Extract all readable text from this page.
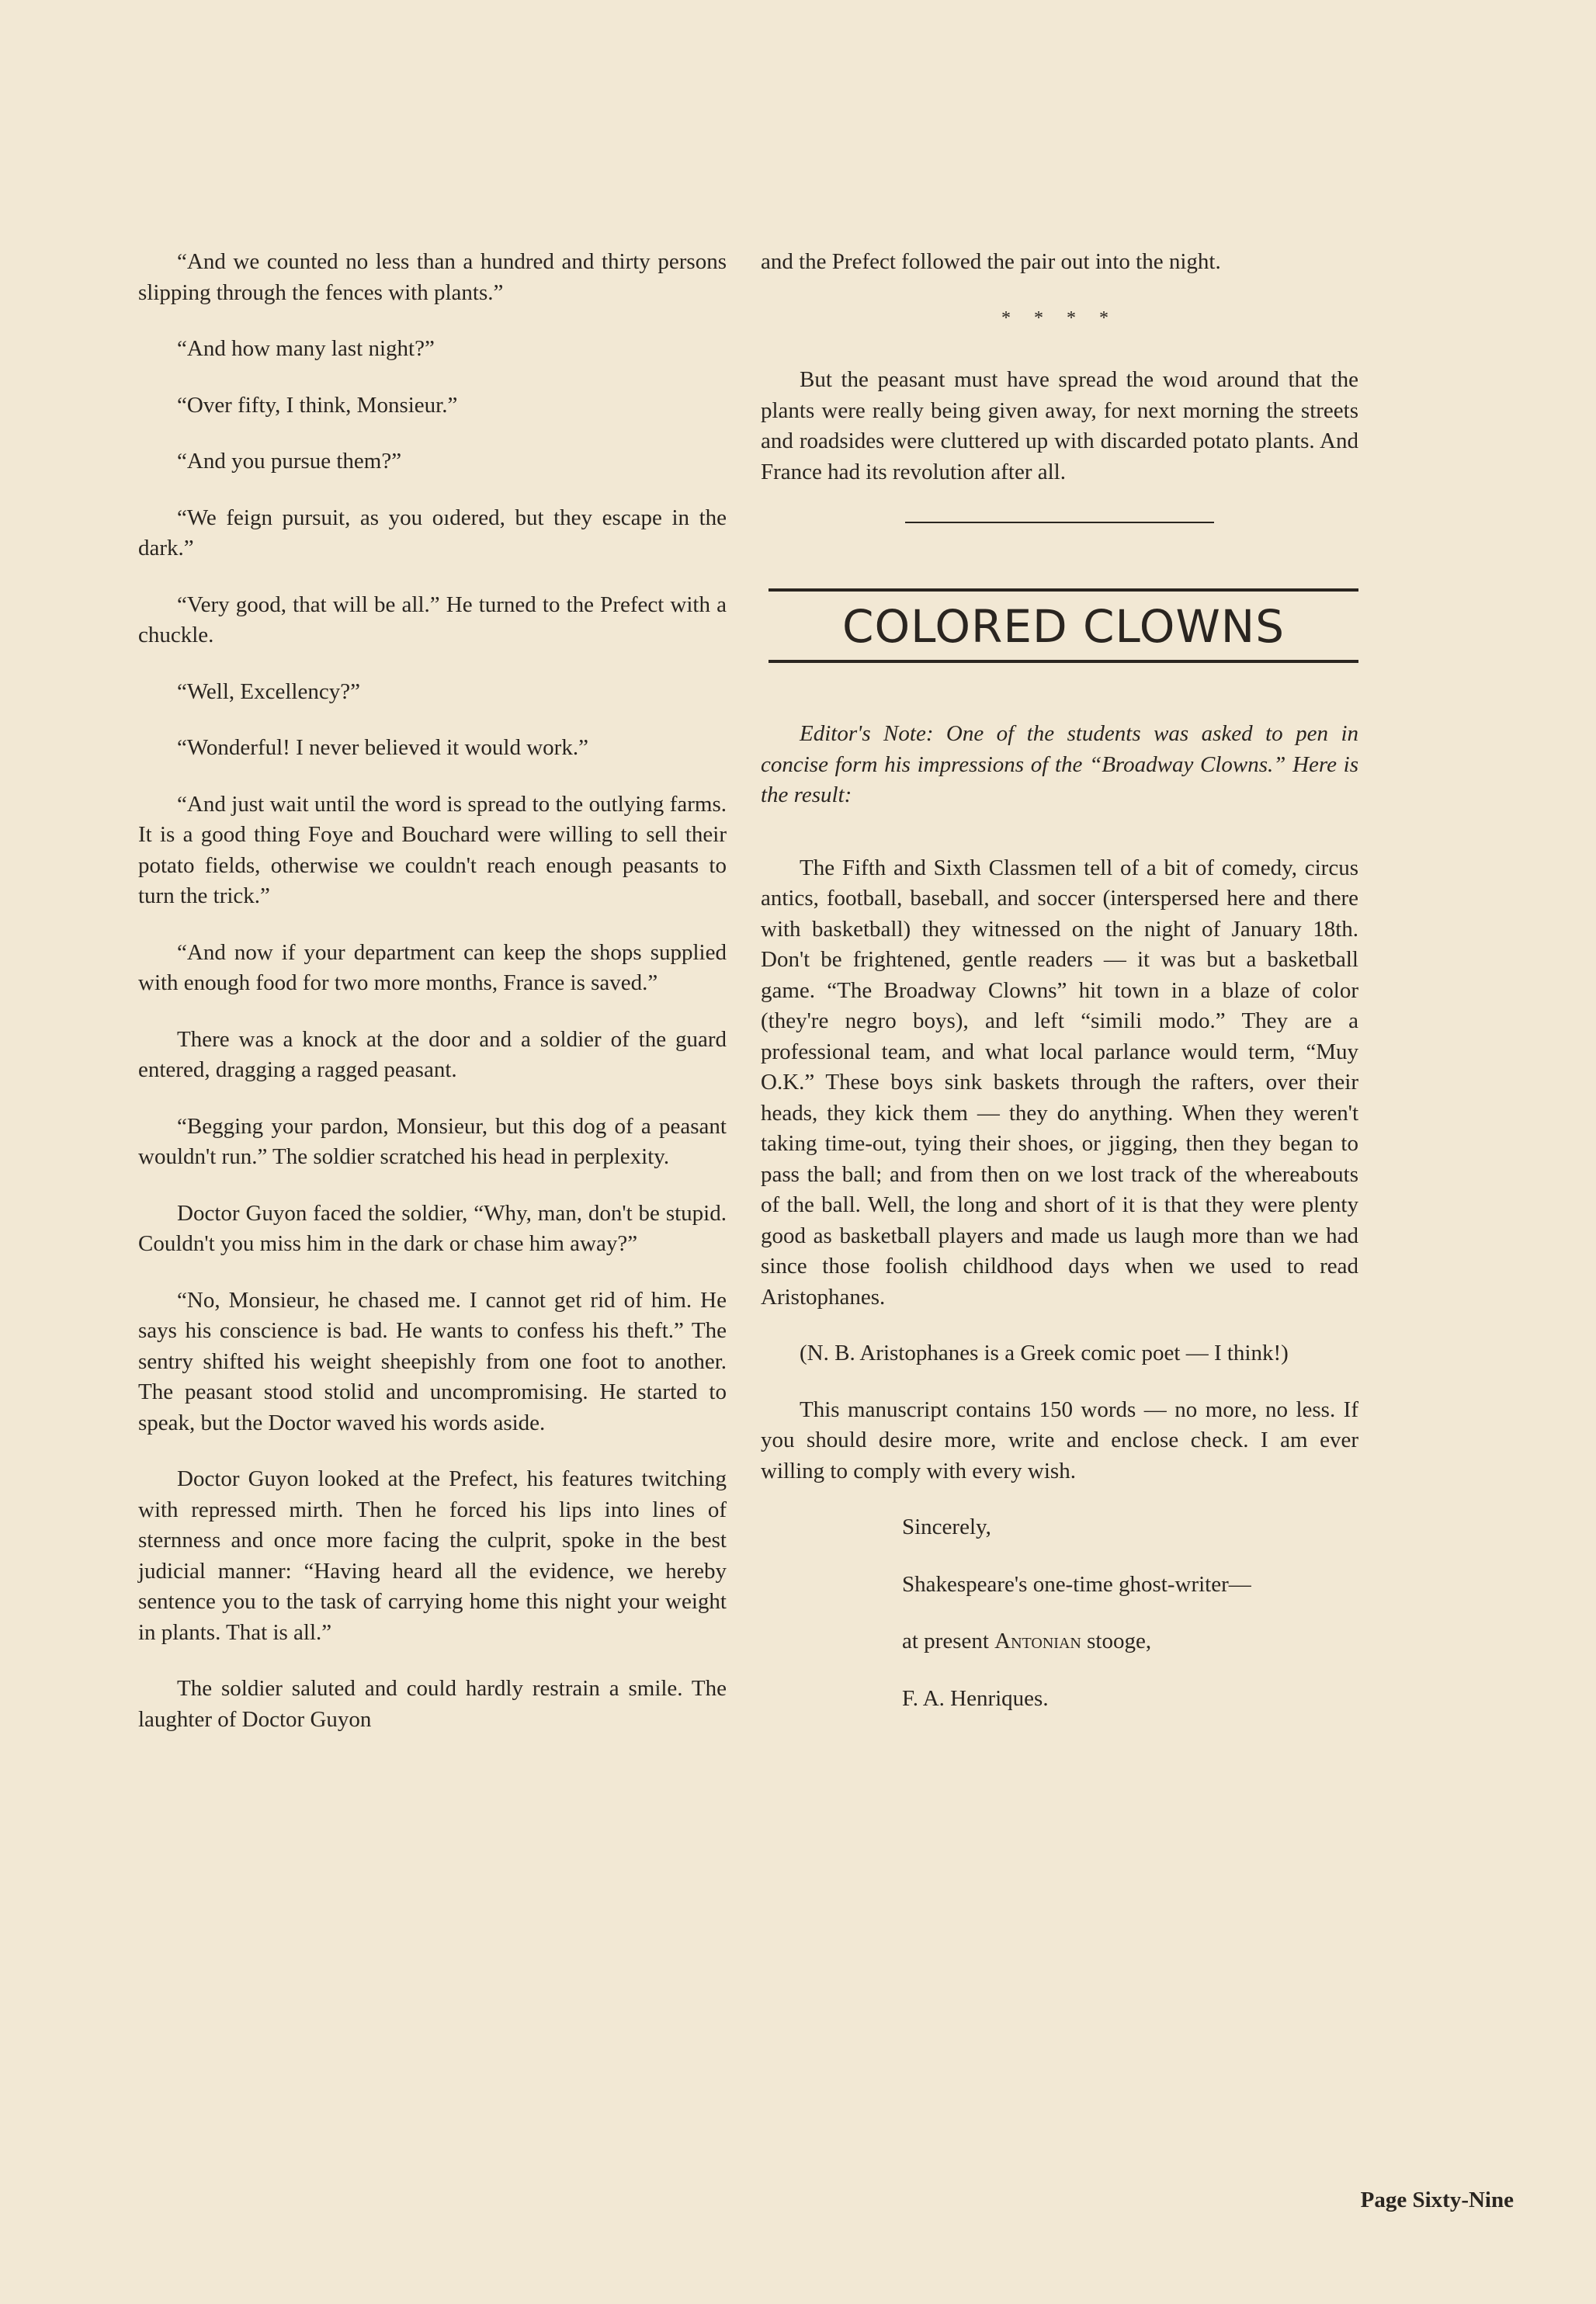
“And we counted no less than a hundred and thirty persons slipping through the fences with plants.”

“And how many last night?”

“Over fifty, I think, Monsieur.”

“And you pursue them?”

“We feign pursuit, as you oıdered, but they escape in the dark.”

“Very good, that will be all.” He turned to the Prefect with a chuckle.

“Well, Excellency?”

“Wonderful! I never believed it would work.”

“And just wait until the word is spread to the outlying farms. It is a good thing Foye and Bouchard were willing to sell their potato fields, otherwise we couldn't reach enough peasants to turn the trick.”

“And now if your department can keep the shops supplied with enough food for two more months, France is saved.”

There was a knock at the door and a soldier of the guard entered, dragging a ragged peasant.

“Begging your pardon, Monsieur, but this dog of a peasant wouldn't run.” The soldier scratched his head in perplexity.

Doctor Guyon faced the soldier, “Why, man, don't be stupid. Couldn't you miss him in the dark or chase him away?”

“No, Monsieur, he chased me. I cannot get rid of him. He says his conscience is bad. He wants to confess his theft.” The sentry shifted his weight sheepishly from one foot to another. The peasant stood stolid and uncompromising. He started to speak, but the Doctor waved his words aside.

Doctor Guyon looked at the Prefect, his features twitching with repressed mirth. Then he forced his lips into lines of sternness and once more facing the culprit, spoke in the best judicial manner: “Having heard all the evidence, we hereby sentence you to the task of carrying home this night your weight in plants. That is all.”

The soldier saluted and could hardly restrain a smile. The laughter of Doctor Guyon

and the Prefect followed the pair out into the night.

* * * *

But the peasant must have spread the woıd around that the plants were really being given away, for next morning the streets and roadsides were cluttered up with discarded potato plants. And France had its revolution after all.

COLORED CLOWNS

Editor's Note: One of the students was asked to pen in concise form his impressions of the “Broadway Clowns.” Here is the result:

The Fifth and Sixth Classmen tell of a bit of comedy, circus antics, football, baseball, and soccer (interspersed here and there with basketball) they witnessed on the night of January 18th. Don't be frightened, gentle readers — it was but a basketball game. “The Broadway Clowns” hit town in a blaze of color (they're negro boys), and left “simili modo.” They are a professional team, and what local parlance would term, “Muy O.K.” These boys sink baskets through the rafters, over their heads, they kick them — they do anything. When they weren't taking time-out, tying their shoes, or jigging, then they began to pass the ball; and from then on we lost track of the whereabouts of the ball. Well, the long and short of it is that they were plenty good as basketball players and made us laugh more than we had since those foolish childhood days when we used to read Aristophanes.

(N. B. Aristophanes is a Greek comic poet — I think!)

This manuscript contains 150 words — no more, no less. If you should desire more, write and enclose check. I am ever willing to comply with every wish.

Sincerely,

Shakespeare's one-time ghost-writer—

at present Antonian stooge,

F. A. Henriques.

Page Sixty-Nine
